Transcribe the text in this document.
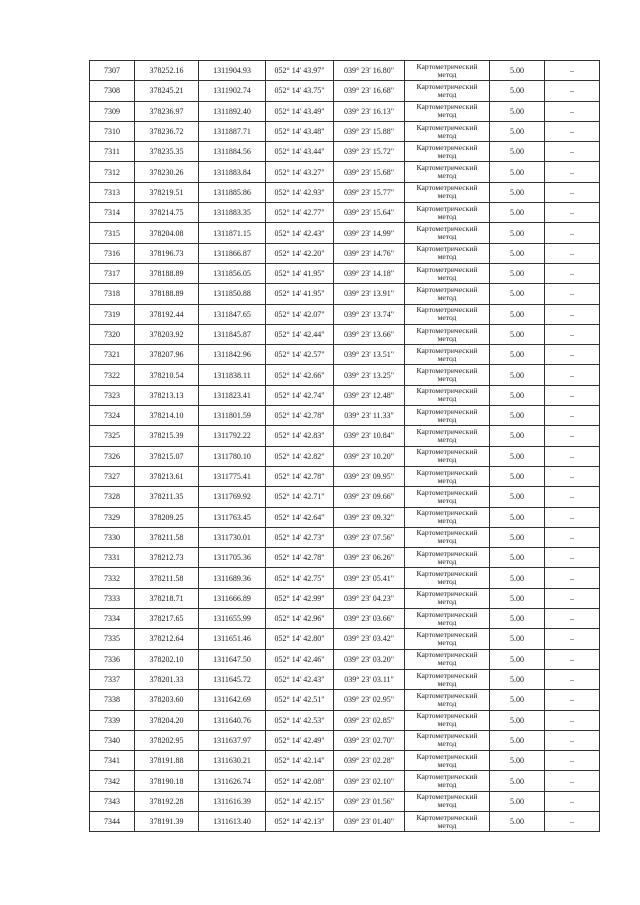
7307	378252.16	1311904.93	052° 14' 43.97"	039° 23' 16.80"	Картометрический метод	5.00	–
7308	378245.21	1311902.74	052° 14' 43.75"	039° 23' 16.68"	Картометрический метод	5.00	–
7309	378236.97	1311892.40	052° 14' 43.49"	039° 23' 16.13"	Картометрический метод	5.00	–
7310	378236.72	1311887.71	052° 14' 43.48"	039° 23' 15.88"	Картометрический метод	5.00	–
7311	378235.35	1311884.56	052° 14' 43.44"	039° 23' 15.72"	Картометрический метод	5.00	–
7312	378230.26	1311883.84	052° 14' 43.27"	039° 23' 15.68"	Картометрический метод	5.00	–
7313	378219.51	1311885.86	052° 14' 42.93"	039° 23' 15.77"	Картометрический метод	5.00	–
7314	378214.75	1311883.35	052° 14' 42.77"	039° 23' 15.64"	Картометрический метод	5.00	–
7315	378204.08	1311871.15	052° 14' 42.43"	039° 23' 14.99"	Картометрический метод	5.00	–
7316	378196.73	1311866.87	052° 14' 42.20"	039° 23' 14.76"	Картометрический метод	5.00	–
7317	378188.89	1311856.05	052° 14' 41.95"	039° 23' 14.18"	Картометрический метод	5.00	–
7318	378188.89	1311850.88	052° 14' 41.95"	039° 23' 13.91"	Картометрический метод	5.00	–
7319	378192.44	1311847.65	052° 14' 42.07"	039° 23' 13.74"	Картометрический метод	5.00	–
7320	378203.92	1311845.87	052° 14' 42.44"	039° 23' 13.66"	Картометрический метод	5.00	–
7321	378207.96	1311842.96	052° 14' 42.57"	039° 23' 13.51"	Картометрический метод	5.00	–
7322	378210.54	1311838.11	052° 14' 42.66"	039° 23' 13.25"	Картометрический метод	5.00	–
7323	378213.13	1311823.41	052° 14' 42.74"	039° 23' 12.48"	Картометрический метод	5.00	–
7324	378214.10	1311801.59	052° 14' 42.78"	039° 23' 11.33"	Картометрический метод	5.00	–
7325	378215.39	1311792.22	052° 14' 42.83"	039° 23' 10.84"	Картометрический метод	5.00	–
7326	378215.07	1311780.10	052° 14' 42.82"	039° 23' 10.20"	Картометрический метод	5.00	–
7327	378213.61	1311775.41	052° 14' 42.78"	039° 23' 09.95"	Картометрический метод	5.00	–
7328	378211.35	1311769.92	052° 14' 42.71"	039° 23' 09.66"	Картометрический метод	5.00	–
7329	378209.25	1311763.45	052° 14' 42.64"	039° 23' 09.32"	Картометрический метод	5.00	–
7330	378211.58	1311730.01	052° 14' 42.73"	039° 23' 07.56"	Картометрический метод	5.00	–
7331	378212.73	1311705.36	052° 14' 42.78"	039° 23' 06.26"	Картометрический метод	5.00	–
7332	378211.58	1311689.36	052° 14' 42.75"	039° 23' 05.41"	Картометрический метод	5.00	–
7333	378218.71	1311666.89	052° 14' 42.99"	039° 23' 04.23"	Картометрический метод	5.00	–
7334	378217.65	1311655.99	052° 14' 42.96"	039° 23' 03.66"	Картометрический метод	5.00	–
7335	378212.64	1311651.46	052° 14' 42.80"	039° 23' 03.42"	Картометрический метод	5.00	–
7336	378202.10	1311647.50	052° 14' 42.46"	039° 23' 03.20"	Картометрический метод	5.00	–
7337	378201.33	1311645.72	052° 14' 42.43"	039° 23' 03.11"	Картометрический метод	5.00	–
7338	378203.60	1311642.69	052° 14' 42.51"	039° 23' 02.95"	Картометрический метод	5.00	–
7339	378204.20	1311640.76	052° 14' 42.53"	039° 23' 02.85"	Картометрический метод	5.00	–
7340	378202.95	1311637.97	052° 14' 42.49"	039° 23' 02.70"	Картометрический метод	5.00	–
7341	378191.88	1311630.21	052° 14' 42.14"	039° 23' 02.28"	Картометрический метод	5.00	–
7342	378190.18	1311626.74	052° 14' 42.08"	039° 23' 02.10"	Картометрический метод	5.00	–
7343	378192.28	1311616.39	052° 14' 42.15"	039° 23' 01.56"	Картометрический метод	5.00	–
7344	378191.39	1311613.40	052° 14' 42.13"	039° 23' 01.40"	Картометрический метод	5.00	–
